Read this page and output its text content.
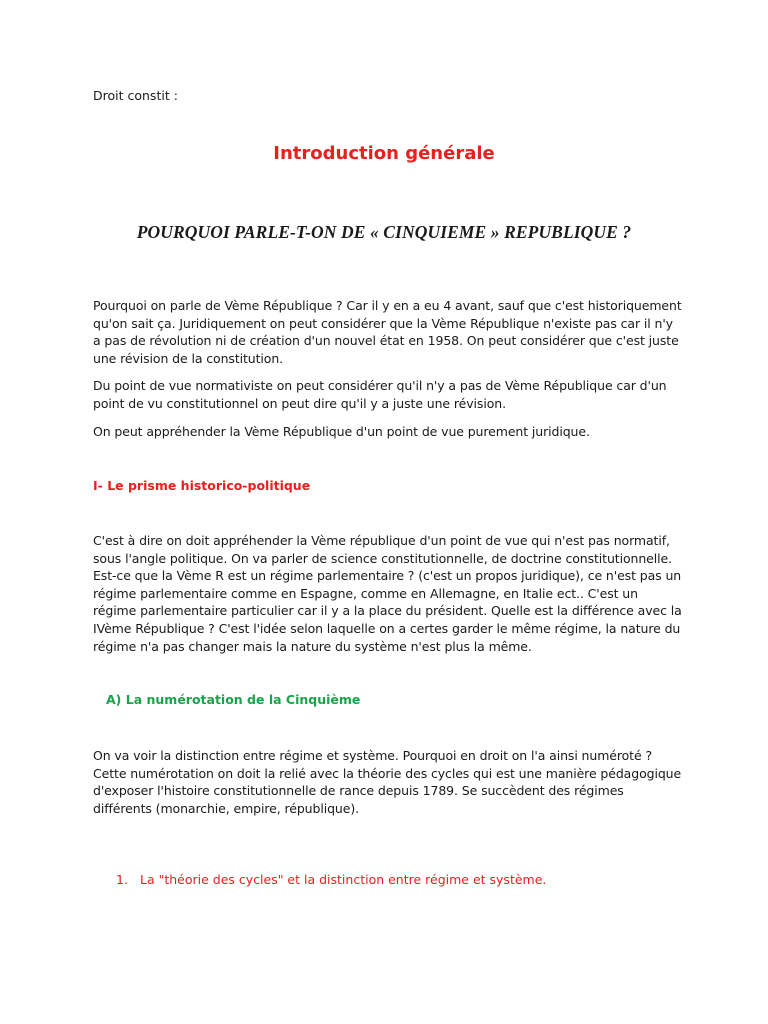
Droit constit :

Introduction générale
POURQUOI PARLE-T-ON DE « CINQUIEME » REPUBLIQUE ?

Pourquoi on parle de Vème République ? Car il y en a eu 4 avant, sauf que c'est historiquement qu'on sait ça. Juridiquement on peut considérer que la Vème République n'existe pas car il n'y a pas de révolution ni de création d'un nouvel état en 1958. On peut considérer que c'est juste une révision de la constitution.

Du point de vue normativiste on peut considérer qu'il n'y a pas de Vème République car d'un point de vu constitutionnel on peut dire qu'il y a juste une révision.

On peut appréhender la Vème République d'un point de vue purement juridique.

I- Le prisme historico-politique

C'est à dire on doit appréhender la Vème république d'un point de vue qui n'est pas normatif, sous l'angle politique. On va parler de science constitutionnelle, de doctrine constitutionnelle. Est-ce que la Vème R est un régime parlementaire ? (c'est un propos juridique), ce n'est pas un régime parlementaire comme en Espagne, comme en Allemagne, en Italie ect.. C'est un régime parlementaire particulier car il y a la place du président. Quelle est la différence avec la IVème République ? C'est l'idée selon laquelle on a certes garder le même régime, la nature du régime n'a pas changer mais la nature du système n'est plus la même.

A) La numérotation de la Cinquième

On va voir la distinction entre régime et système. Pourquoi en droit on l'a ainsi numéroté ? Cette numérotation on doit la relié avec la théorie des cycles qui est une manière pédagogique d'exposer l'histoire constitutionnelle de rance depuis 1789. Se succèdent des régimes différents (monarchie, empire, république).

1. La "théorie des cycles" et la distinction entre régime et système.
